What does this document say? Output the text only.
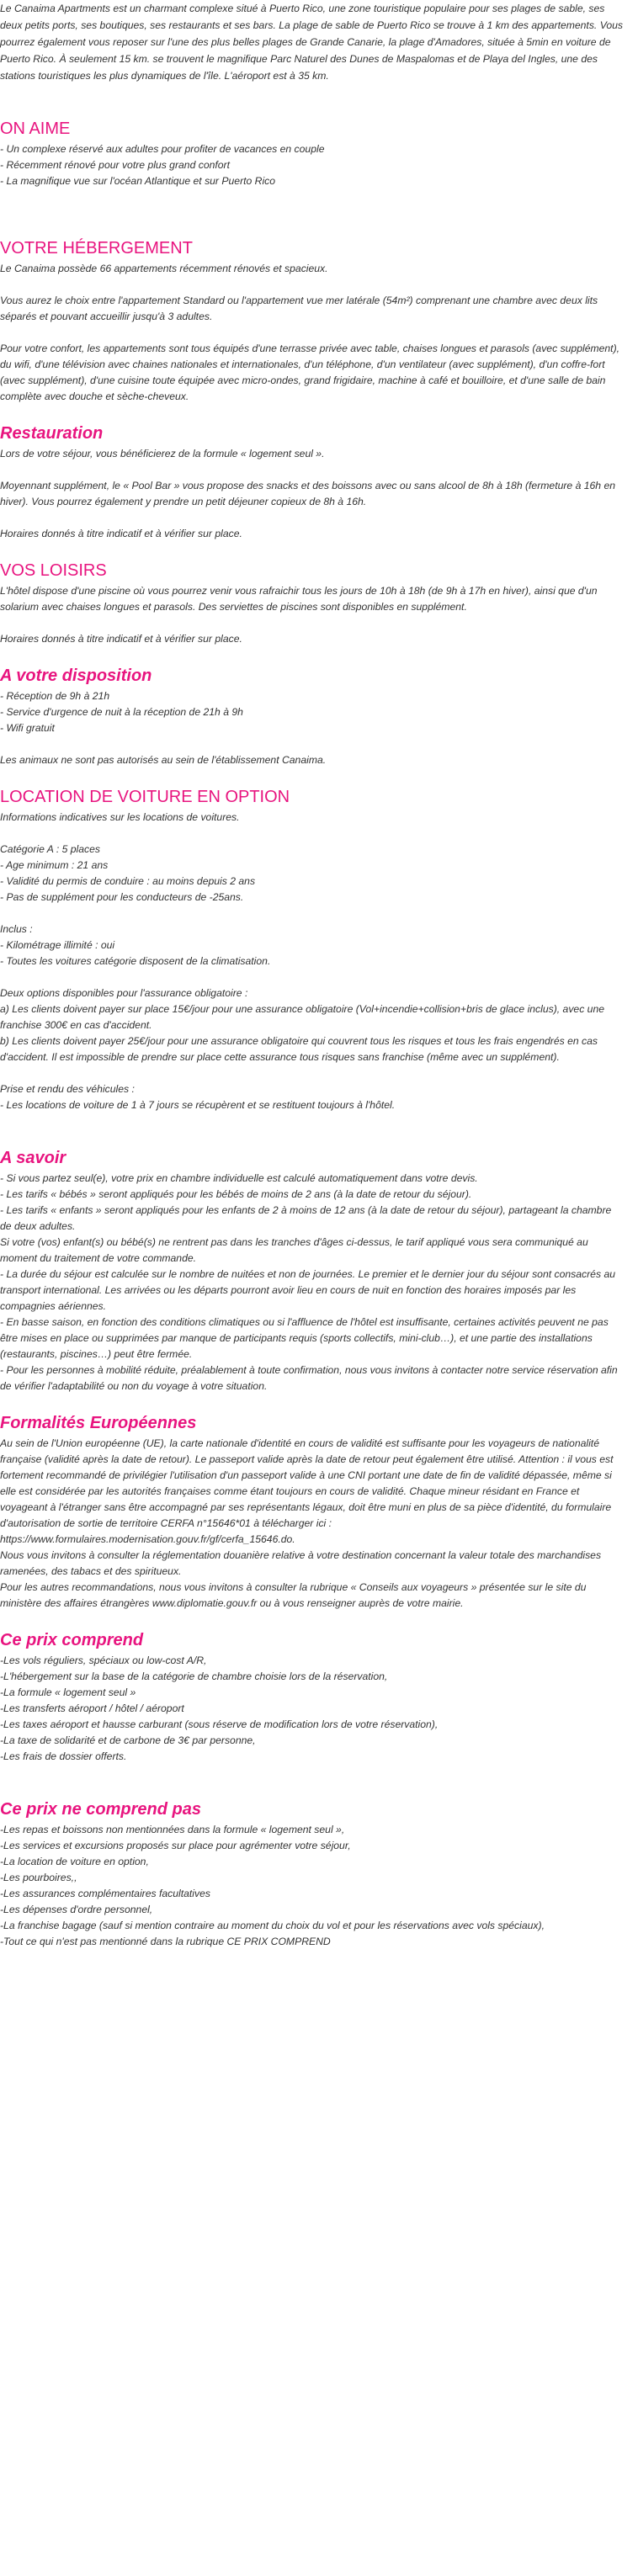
Le Canaima Apartments est un charmant complexe situé à Puerto Rico, une zone touristique populaire pour ses plages de sable, ses deux petits ports, ses boutiques, ses restaurants et ses bars. La plage de sable de Puerto Rico se trouve à 1 km des appartements. Vous pourrez également vous reposer sur l'une des plus belles plages de Grande Canarie, la plage d'Amadores, située à 5min en voiture de Puerto Rico. À seulement 15 km. se trouvent le magnifique Parc Naturel des Dunes de Maspalomas et de Playa del Ingles, une des stations touristiques les plus dynamiques de l'île. L'aéroport est à 35 km.

ON AIME
- Un complexe réservé aux adultes pour profiter de vacances en couple
- Récemment rénové pour votre plus grand confort
- La magnifique vue sur l'océan Atlantique et sur Puerto Rico
VOTRE HÉBERGEMENT

Le Canaima possède 66 appartements récemment rénovés et spacieux.

Vous aurez le choix entre l'appartement Standard ou l'appartement vue mer latérale (54m²) comprenant une chambre avec deux lits séparés et pouvant accueillir jusqu'à 3 adultes.

Pour votre confort, les appartements sont tous équipés d'une terrasse privée avec table, chaises longues et parasols (avec supplément), du wifi, d'une télévision avec chaines nationales et internationales, d'un téléphone, d'un ventilateur (avec supplément), d'un coffre-fort (avec supplément), d'une cuisine toute équipée avec micro-ondes, grand frigidaire, machine à café et bouilloire, et d'une salle de bain complète avec douche et sèche-cheveux.

Restauration

Lors de votre séjour, vous bénéficierez de la formule « logement seul ».

Moyennant supplément, le « Pool Bar » vous propose des snacks et des boissons avec ou sans alcool de 8h à 18h (fermeture à 16h en hiver). Vous pourrez également y prendre un petit déjeuner copieux de 8h à 16h.

Horaires donnés à titre indicatif et à vérifier sur place.

VOS LOISIRS

L'hôtel dispose d'une piscine où vous pourrez venir vous rafraichir tous les jours de 10h à 18h (de 9h à 17h en hiver), ainsi que d'un solarium avec chaises longues et parasols. Des serviettes de piscines sont disponibles en supplément.

Horaires donnés à titre indicatif et à vérifier sur place.

A votre disposition
- Réception de 9h à 21h
- Service d'urgence de nuit à la réception de 21h à 9h
- Wifi gratuit

Les animaux ne sont pas autorisés au sein de l'établissement Canaima.

LOCATION DE VOITURE EN OPTION

Informations indicatives sur les locations de voitures.

Catégorie A : 5 places

- Age minimum : 21 ans
- Validité du permis de conduire : au moins depuis 2 ans
- Pas de supplément pour les conducteurs de -25ans.

Inclus :

- Kilométrage illimité : oui
- Toutes les voitures catégorie disposent de la climatisation.

Deux options disponibles pour l'assurance obligatoire :

a) Les clients doivent payer sur place 15€/jour pour une assurance obligatoire (Vol+incendie+collision+bris de glace inclus), avec une franchise 300€ en cas d'accident.

b) Les clients doivent payer 25€/jour pour une assurance obligatoire qui couvrent tous les risques et tous les frais engendrés en cas d'accident. Il est impossible de prendre sur place cette assurance tous risques sans franchise (même avec un supplément).

Prise et rendu des véhicules :

- Les locations de voiture de 1 à 7 jours se récupèrent et se restituent toujours à l'hôtel.

A savoir
- Si vous partez seul(e), votre prix en chambre individuelle est calculé automatiquement dans votre devis.
- Les tarifs « bébés » seront appliqués pour les bébés de moins de 2 ans (à la date de retour du séjour).
- Les tarifs « enfants » seront appliqués pour les enfants de 2 à moins de 12 ans (à la date de retour du séjour), partageant la chambre de deux adultes.
Si votre (vos) enfant(s) ou bébé(s) ne rentrent pas dans les tranches d'âges ci-dessus, le tarif appliqué vous sera communiqué au moment du traitement de votre commande.
- La durée du séjour est calculée sur le nombre de nuitées et non de journées. Le premier et le dernier jour du séjour sont consacrés au transport international. Les arrivées ou les départs pourront avoir lieu en cours de nuit en fonction des horaires imposés par les compagnies aériennes.
- En basse saison, en fonction des conditions climatiques ou si l'affluence de l'hôtel est insuffisante, certaines activités peuvent ne pas être mises en place ou supprimées par manque de participants requis (sports collectifs, mini-club…), et une partie des installations (restaurants, piscines…) peut être fermée.
- Pour les personnes à mobilité réduite, préalablement à toute confirmation, nous vous invitons à contacter notre service réservation afin de vérifier l'adaptabilité ou non du voyage à votre situation.
Formalités Européennes

Au sein de l'Union européenne (UE), la carte nationale d'identité en cours de validité est suffisante pour les voyageurs de nationalité française (validité après la date de retour). Le passeport valide après la date de retour peut également être utilisé. Attention : il vous est fortement recommandé de privilégier l'utilisation d'un passeport valide à une CNI portant une date de fin de validité dépassée, même si elle est considérée par les autorités françaises comme étant toujours en cours de validité. Chaque mineur résidant en France et voyageant à l'étranger sans être accompagné par ses représentants légaux, doit être muni en plus de sa pièce d'identité, du formulaire d'autorisation de sortie de territoire CERFA n°15646*01 à télécharger ici :

https://www.formulaires.modernisation.gouv.fr/gf/cerfa_15646.do.

Nous vous invitons à consulter la réglementation douanière relative à votre destination concernant la valeur totale des marchandises ramenées, des tabacs et des spiritueux.

Pour les autres recommandations, nous vous invitons à consulter la rubrique « Conseils aux voyageurs » présentée sur le site du ministère des affaires étrangères www.diplomatie.gouv.fr ou à vous renseigner auprès de votre mairie.

Ce prix comprend
-Les vols réguliers, spéciaux ou low-cost A/R,
-L'hébergement sur la base de la catégorie de chambre choisie lors de la réservation,
-La formule « logement seul »
-Les transferts aéroport / hôtel / aéroport
-Les taxes aéroport et hausse carburant (sous réserve de modification lors de votre réservation),
-La taxe de solidarité et de carbone de 3€ par personne,
-Les frais de dossier offerts.
Ce prix ne comprend pas
-Les repas et boissons non mentionnées dans la formule « logement seul »,
-Les services et excursions proposés sur place pour agrémenter votre séjour,
-La location de voiture en option,
-Les pourboires,,
-Les assurances complémentaires facultatives
-Les dépenses d'ordre personnel,
-La franchise bagage (sauf si mention contraire au moment du choix du vol et pour les réservations avec vols spéciaux),
-Tout ce qui n'est pas mentionné dans la rubrique CE PRIX COMPREND
